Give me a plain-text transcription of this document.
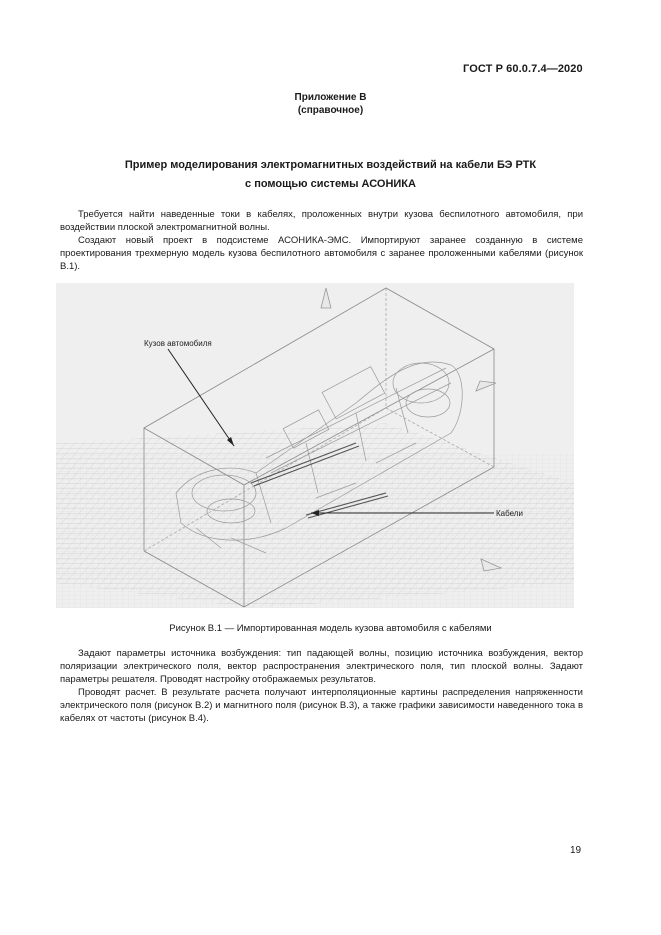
ГОСТ Р 60.0.7.4—2020
Приложение В
(справочное)
Пример моделирования электромагнитных воздействий на кабели БЭ РТК
с помощью системы АСОНИКА

Требуется найти наведенные токи в кабелях, проложенных внутри кузова беспилотного автомобиля, при воздействии плоской электромагнитной волны.

Создают новый проект в подсистеме АСОНИКА-ЭМС. Импортируют заранее созданную в системе проектирования трехмерную модель кузова беспилотного автомобиля с заранее проложенными кабелями (рисунок В.1).

Кузов автомобиля
Кабели
Рисунок В.1 — Импортированная модель кузова автомобиля с кабелями

Задают параметры источника возбуждения: тип падающей волны, позицию источника возбуждения, вектор поляризации электрического поля, вектор распространения электрического поля, тип плоской волны. Задают параметры решателя. Проводят настройку отображаемых результатов.

Проводят расчет. В результате расчета получают интерполяционные картины распределения напряженности электрического поля (рисунок В.2) и магнитного поля (рисунок В.3), а также графики зависимости наведенного тока в кабелях от частоты (рисунок В.4).

19
